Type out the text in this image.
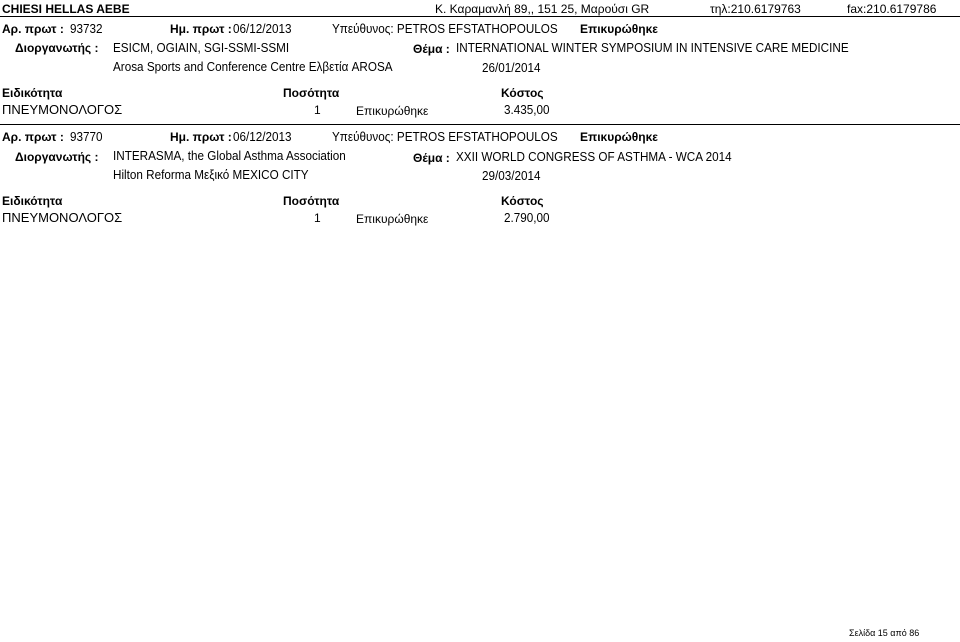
CHIESI HELLAS AEBE	Κ. Καραμανλή 89,, 151 25, Μαρούσι GR	τηλ:210.6179763	fax:210.6179786
Αρ. πρωτ : 93732	Ημ. πρωτ : 06/12/2013	Υπεύθυνος: PETROS EFSTATHOPOULOS Επικυρώθηκε
Διοργανωτής : ESICM, OGIAIN, SGI-SSMI-SSMI	Θέμα : INTERNATIONAL WINTER SYMPOSIUM IN INTENSIVE CARE MEDICINE
Arosa Sports and Conference Centre Ελβετία AROSA	26/01/2014
Ειδικότητα	Ποσότητα	Κόστος
ΠΝΕΥΜΟΝΟΛΟΓΟΣ	1	Επικυρώθηκε	3.435,00
Αρ. πρωτ : 93770	Ημ. πρωτ : 06/12/2013	Υπεύθυνος: PETROS EFSTATHOPOULOS Επικυρώθηκε
Διοργανωτής : INTERASMA, the Global Asthma Association	Θέμα : XXII WORLD CONGRESS OF ASTHMA - WCA 2014
Hilton Reforma Μεξικό MEXICO CITY	29/03/2014
Ειδικότητα	Ποσότητα	Κόστος
ΠΝΕΥΜΟΝΟΛΟΓΟΣ	1	Επικυρώθηκε	2.790,00
Σελίδα 15 από 86
